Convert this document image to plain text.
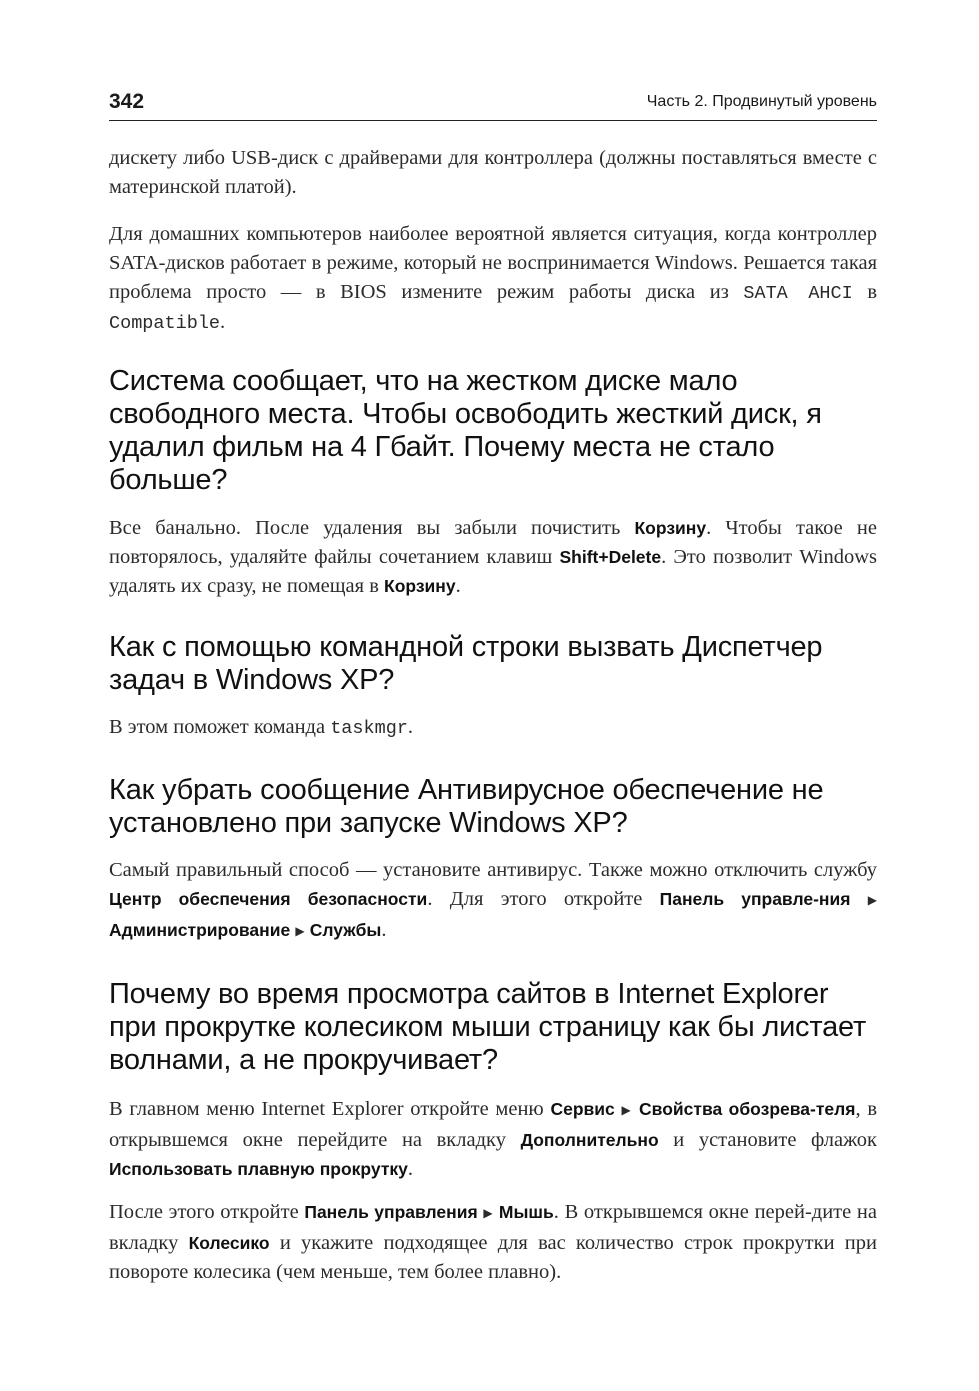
342	Часть 2. Продвинутый уровень

дискету либо USB-диск с драйверами для контроллера (должны поставляться вместе с материнской платой).

Для домашних компьютеров наиболее вероятной является ситуация, когда контроллер SATA-дисков работает в режиме, который не воспринимается Windows. Решается такая проблема просто — в BIOS измените режим работы диска из SATA AHCI в Compatible.

Система сообщает, что на жестком диске мало свободного места. Чтобы освободить жесткий диск, я удалил фильм на 4 Гбайт. Почему места не стало больше?

Все банально. После удаления вы забыли почистить Корзину. Чтобы такое не повторялось, удаляйте файлы сочетанием клавиш Shift+Delete. Это позволит Windows удалять их сразу, не помещая в Корзину.

Как с помощью командной строки вызвать Диспетчер задач в Windows XP?

В этом поможет команда taskmgr.

Как убрать сообщение Антивирусное обеспечение не установлено при запуске Windows XP?

Самый правильный способ — установите антивирус. Также можно отключить службу Центр обеспечения безопасности. Для этого откройте Панель управле-ния ▶ Администрирование ▶ Службы.

Почему во время просмотра сайтов в Internet Explorer при прокрутке колесиком мыши страницу как бы листает волнами, а не прокручивает?

В главном меню Internet Explorer откройте меню Сервис ▶ Свойства обозрева-теля, в открывшемся окне перейдите на вкладку Дополнительно и установите флажок Использовать плавную прокрутку.

После этого откройте Панель управления ▶ Мышь. В открывшемся окне перей-дите на вкладку Колесико и укажите подходящее для вас количество строк прокрутки при повороте колесика (чем меньше, тем более плавно).
